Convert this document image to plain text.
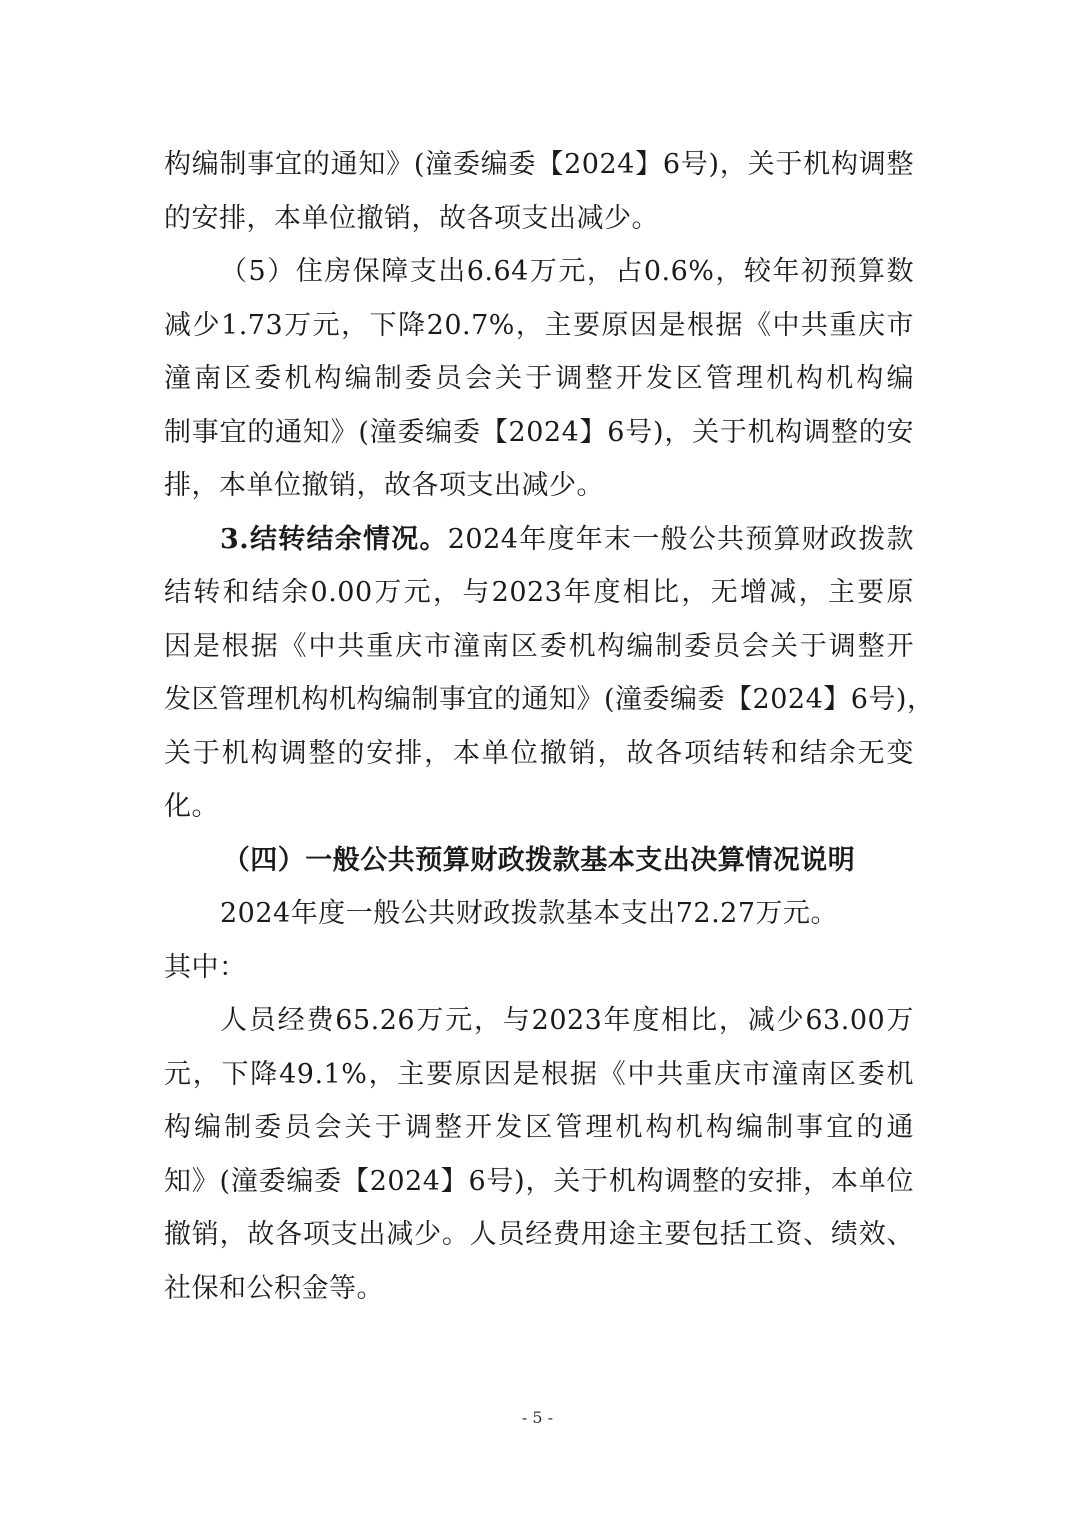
构编制事宜的通知》(潼委编委【2024】6号)，关于机构调整
的安排，本单位撤销，故各项支出减少。
（5）住房保障支出6.64万元，占0.6%，较年初预算数
减少1.73万元，下降20.7%，主要原因是根据《中共重庆市
潼南区委机构编制委员会关于调整开发区管理机构机构编
制事宜的通知》(潼委编委【2024】6号)，关于机构调整的安
排，本单位撤销，故各项支出减少。
3.结转结余情况。2024年度年末一般公共预算财政拨款
结转和结余0.00万元，与2023年度相比，无增减，主要原
因是根据《中共重庆市潼南区委机构编制委员会关于调整开
发区管理机构机构编制事宜的通知》(潼委编委【2024】6号)，
关于机构调整的安排，本单位撤销，故各项结转和结余无变
化。
（四）一般公共预算财政拨款基本支出决算情况说明
2024年度一般公共财政拨款基本支出72.27万元。
其中：
人员经费65.26万元，与2023年度相比，减少63.00万
元，下降49.1%，主要原因是根据《中共重庆市潼南区委机
构编制委员会关于调整开发区管理机构机构编制事宜的通
知》(潼委编委【2024】6号)，关于机构调整的安排，本单位
撤销，故各项支出减少。人员经费用途主要包括工资、绩效、
社保和公积金等。
- 5 -
